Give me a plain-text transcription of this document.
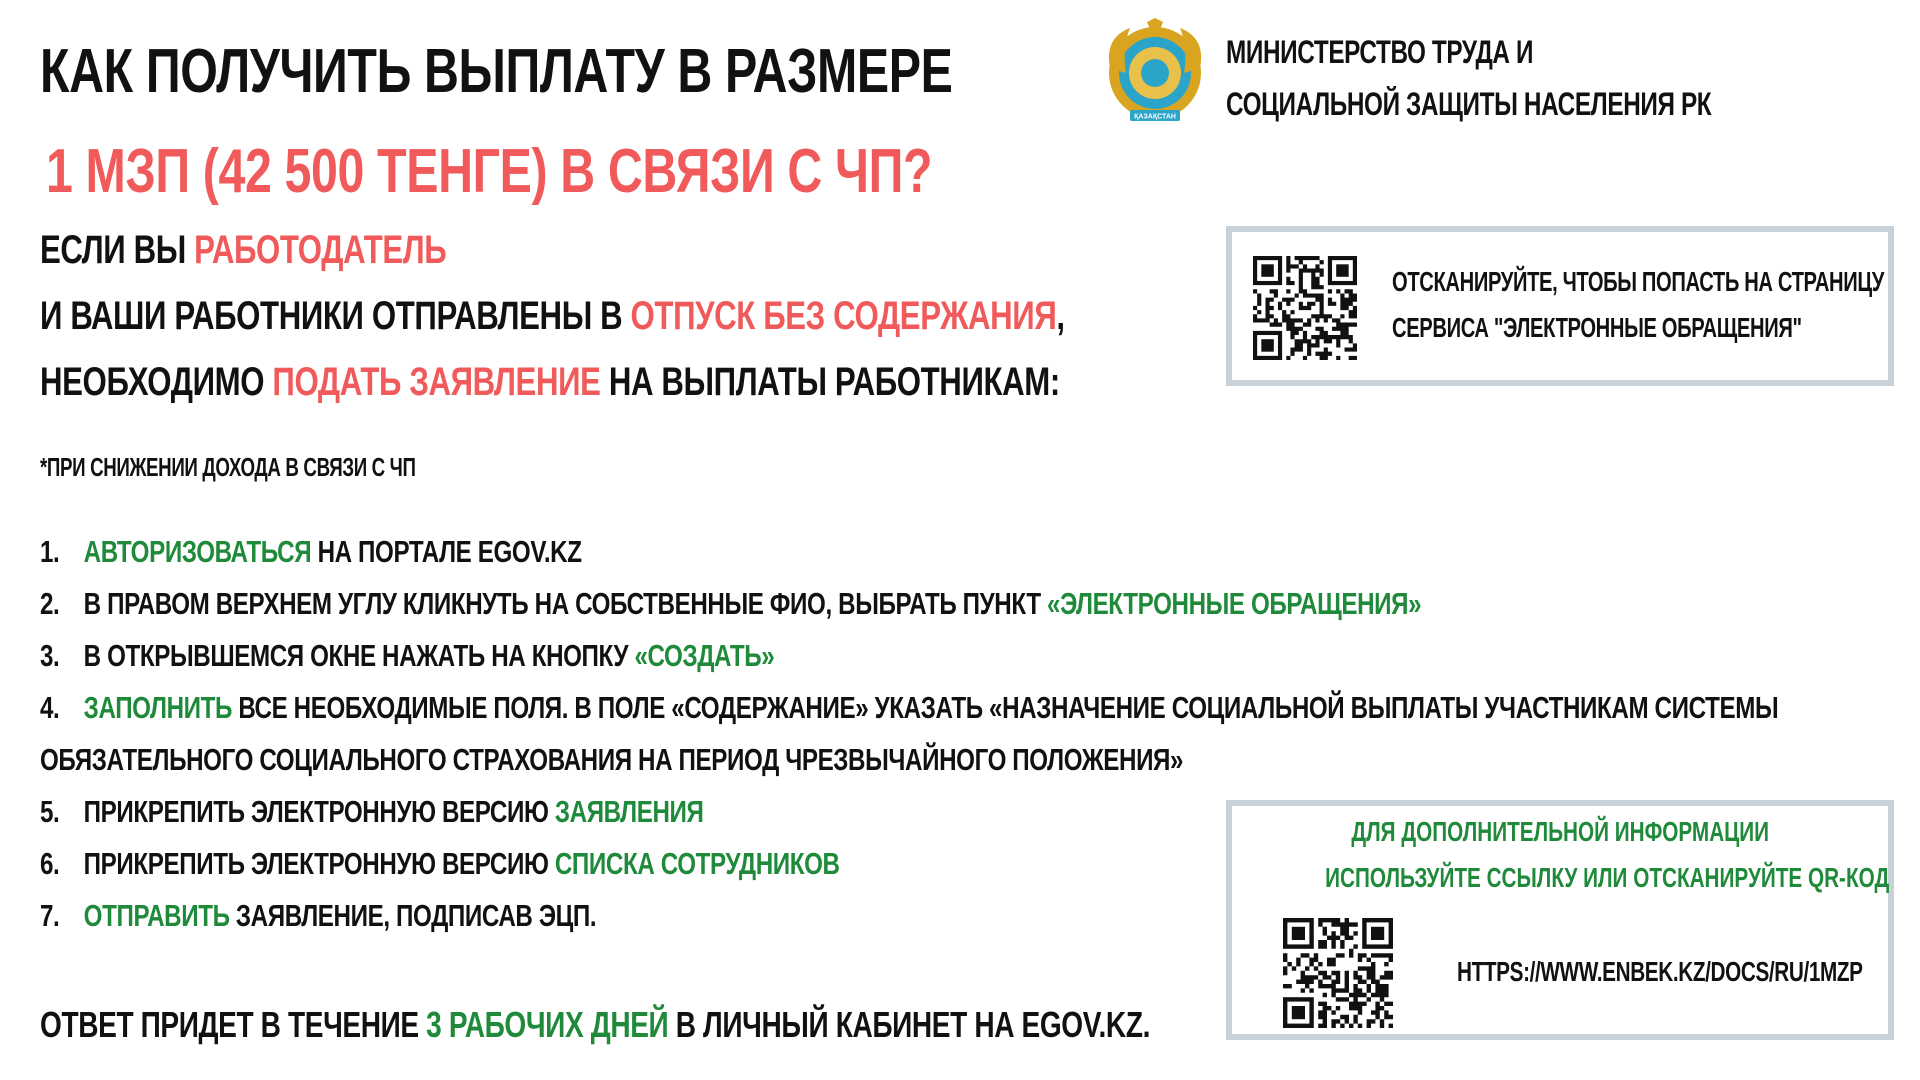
КАК ПОЛУЧИТЬ ВЫПЛАТУ В РАЗМЕРЕ
1 МЗП (42 500 ТЕНГЕ) В СВЯЗИ С ЧП?
ЕСЛИ ВЫ РАБОТОДАТЕЛЬ
И ВАШИ РАБОТНИКИ ОТПРАВЛЕНЫ В ОТПУСК БЕЗ СОДЕРЖАНИЯ,
НЕОБХОДИМО ПОДАТЬ ЗАЯВЛЕНИЕ НА ВЫПЛАТЫ РАБОТНИКАМ:
*ПРИ СНИЖЕНИИ ДОХОДА В СВЯЗИ С ЧП
1. АВТОРИЗОВАТЬСЯ НА ПОРТАЛЕ EGOV.KZ
2. В ПРАВОМ ВЕРХНЕМ УГЛУ КЛИКНУТЬ НА СОБСТВЕННЫЕ ФИО, ВЫБРАТЬ ПУНКТ «ЭЛЕКТРОННЫЕ ОБРАЩЕНИЯ»
3. В ОТКРЫВШЕМСЯ ОКНЕ НАЖАТЬ НА КНОПКУ «СОЗДАТЬ»
4. ЗАПОЛНИТЬ ВСЕ НЕОБХОДИМЫЕ ПОЛЯ. В ПОЛЕ «СОДЕРЖАНИЕ» УКАЗАТЬ «НАЗНАЧЕНИЕ СОЦИАЛЬНОЙ ВЫПЛАТЫ УЧАСТНИКАМ СИСТЕМЫ
ОБЯЗАТЕЛЬНОГО СОЦИАЛЬНОГО СТРАХОВАНИЯ НА ПЕРИОД ЧРЕЗВЫЧАЙНОГО ПОЛОЖЕНИЯ»
5. ПРИКРЕПИТЬ ЭЛЕКТРОННУЮ ВЕРСИЮ ЗАЯВЛЕНИЯ
6. ПРИКРЕПИТЬ ЭЛЕКТРОННУЮ ВЕРСИЮ СПИСКА СОТРУДНИКОВ
7. ОТПРАВИТЬ ЗАЯВЛЕНИЕ, ПОДПИСАВ ЭЦП.
ОТВЕТ ПРИДЕТ В ТЕЧЕНИЕ 3 РАБОЧИХ ДНЕЙ В ЛИЧНЫЙ КАБИНЕТ НА EGOV.KZ.
ҚАЗАҚСТАН
МИНИСТЕРСТВО ТРУДА И
СОЦИАЛЬНОЙ ЗАЩИТЫ НАСЕЛЕНИЯ РК
ОТСКАНИРУЙТЕ, ЧТОБЫ ПОПАСТЬ НА СТРАНИЦУ
СЕРВИСА "ЭЛЕКТРОННЫЕ ОБРАЩЕНИЯ"
ДЛЯ ДОПОЛНИТЕЛЬНОЙ ИНФОРМАЦИИ
ИСПОЛЬЗУЙТЕ ССЫЛКУ ИЛИ ОТСКАНИРУЙТЕ QR-КОД
HTTPS://WWW.ENBEK.KZ/DOCS/RU/1MZP
